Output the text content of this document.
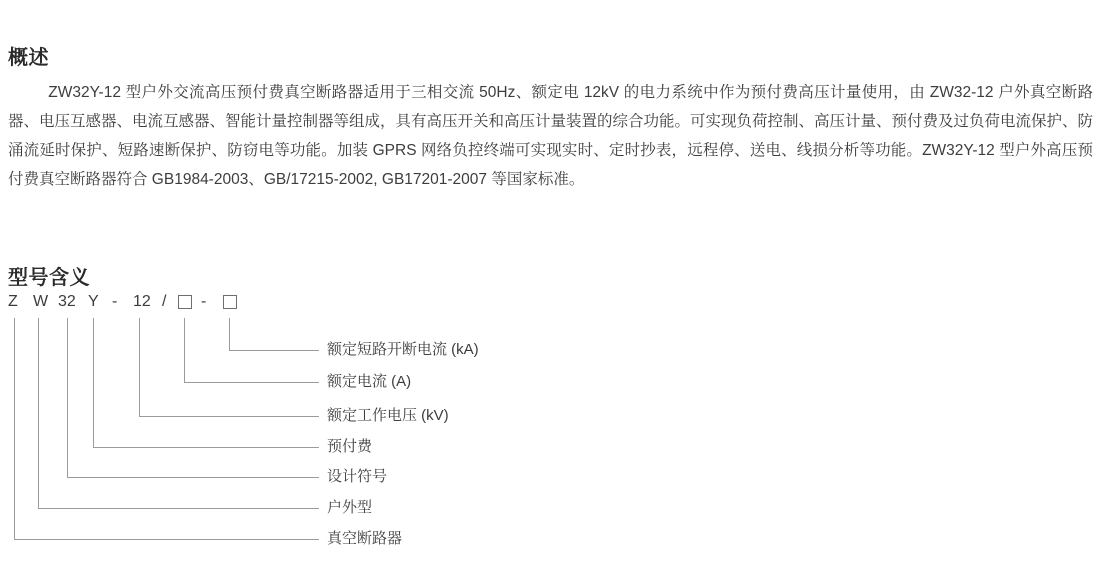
概述

ZW32Y-12 型户外交流高压预付费真空断路器适用于三相交流 50Hz、额定电 12kV 的电力系统中作为预付费高压计量使用，由 ZW32-12 户外真空断路器、电压互感器、电流互感器、智能计量控制器等组成，具有高压开关和高压计量装置的综合功能。可实现负荷控制、高压计量、预付费及过负荷电流保护、防涌流延时保护、短路速断保护、防窃电等功能。加装 GPRS 网络负控终端可实现实时、定时抄表，远程停、送电、线损分析等功能。ZW32Y-12 型户外高压预付费真空断路器符合 GB1984-2003、GB/17215-2002, GB17201-2007 等国家标准。

型号含义
Z W 32 Y - 12 / -
额定短路开断电流 (kA)
额定电流 (A)
额定工作电压 (kV)
预付费
设计符号
户外型
真空断路器
